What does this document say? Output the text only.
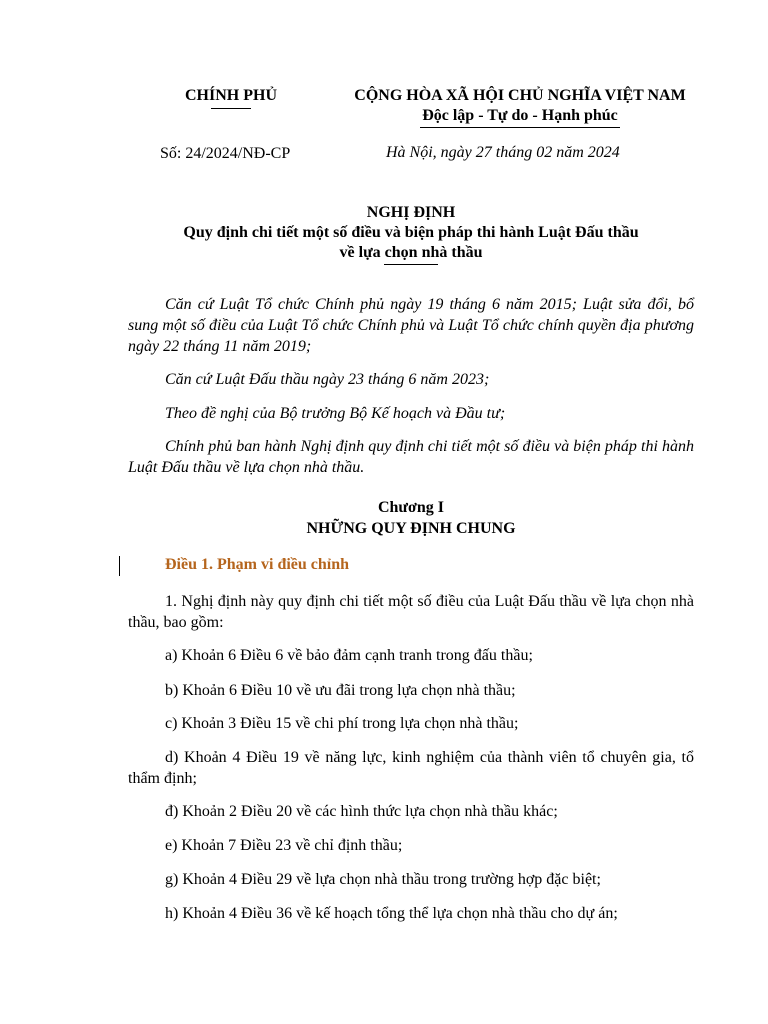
CHÍNH PHỦ	CỘNG HÒA XÃ HỘI CHỦ NGHĨA VIỆT NAM
Độc lập - Tự do - Hạnh phúc
Số: 24/2024/NĐ-CP	Hà Nội, ngày 27 tháng 02 năm 2024
NGHỊ ĐỊNH
Quy định chi tiết một số điều và biện pháp thi hành Luật Đấu thầu
về lựa chọn nhà thầu
Căn cứ Luật Tổ chức Chính phủ ngày 19 tháng 6 năm 2015; Luật sửa đổi, bổ sung một số điều của Luật Tổ chức Chính phủ và Luật Tổ chức chính quyền địa phương ngày 22 tháng 11 năm 2019;
Căn cứ Luật Đấu thầu ngày 23 tháng 6 năm 2023;
Theo đề nghị của Bộ trưởng Bộ Kế hoạch và Đầu tư;
Chính phủ ban hành Nghị định quy định chi tiết một số điều và biện pháp thi hành Luật Đấu thầu về lựa chọn nhà thầu.
Chương I
NHỮNG QUY ĐỊNH CHUNG
Điều 1. Phạm vi điều chỉnh
1. Nghị định này quy định chi tiết một số điều của Luật Đấu thầu về lựa chọn nhà thầu, bao gồm:
a) Khoản 6 Điều 6 về bảo đảm cạnh tranh trong đấu thầu;
b) Khoản 6 Điều 10 về ưu đãi trong lựa chọn nhà thầu;
c) Khoản 3 Điều 15 về chi phí trong lựa chọn nhà thầu;
d) Khoản 4 Điều 19 về năng lực, kinh nghiệm của thành viên tổ chuyên gia, tổ thẩm định;
đ) Khoản 2 Điều 20 về các hình thức lựa chọn nhà thầu khác;
e) Khoản 7 Điều 23 về chỉ định thầu;
g) Khoản 4 Điều 29 về lựa chọn nhà thầu trong trường hợp đặc biệt;
h) Khoản 4 Điều 36 về kế hoạch tổng thể lựa chọn nhà thầu cho dự án;
